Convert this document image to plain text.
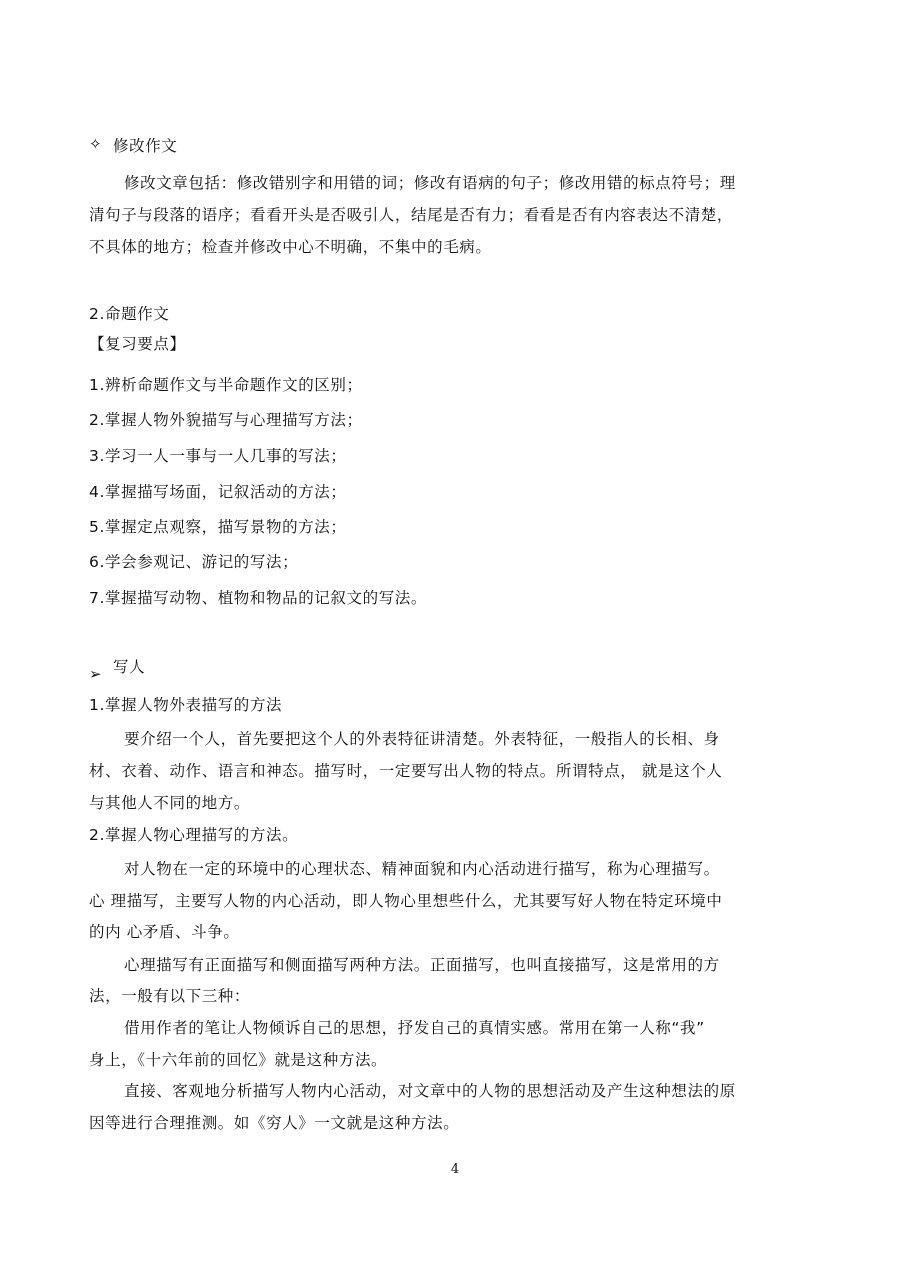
✧ 修改作文
修改文章包括：修改错别字和用错的词；修改有语病的句子；修改用错的标点符号；理
清句子与段落的语序；看看开头是否吸引人，结尾是否有力；看看是否有内容表达不清楚，
不具体的地方；检查并修改中心不明确，不集中的毛病。
2.命题作文
【复习要点】
1.辨析命题作文与半命题作文的区别；
2.掌握人物外貌描写与心理描写方法；
3.学习一人一事与一人几事的写法；
4.掌握描写场面，记叙活动的方法；
5.掌握定点观察，描写景物的方法；
6.学会参观记、游记的写法；
7.掌握描写动物、植物和物品的记叙文的写法。
➢ 写人
1.掌握人物外表描写的方法
要介绍一个人，首先要把这个人的外表特征讲清楚。外表特征，一般指人的长相、身
材、衣着、动作、语言和神态。描写时，一定要写出人物的特点。所谓特点， 就是这个人
与其他人不同的地方。
2.掌握人物心理描写的方法。
对人物在一定的环境中的心理状态、精神面貌和内心活动进行描写，称为心理描写。
心 理描写，主要写人物的内心活动，即人物心里想些什么，尤其要写好人物在特定环境中
的内 心矛盾、斗争。
心理描写有正面描写和侧面描写两种方法。正面描写，也叫直接描写，这是常用的方
法，一般有以下三种：
借用作者的笔让人物倾诉自己的思想，抒发自己的真情实感。常用在第一人称“我”
身上，《十六年前的回忆》就是这种方法。
直接、客观地分析描写人物内心活动，对文章中的人物的思想活动及产生这种想法的原
因等进行合理推测。如《穷人》一文就是这种方法。
4
